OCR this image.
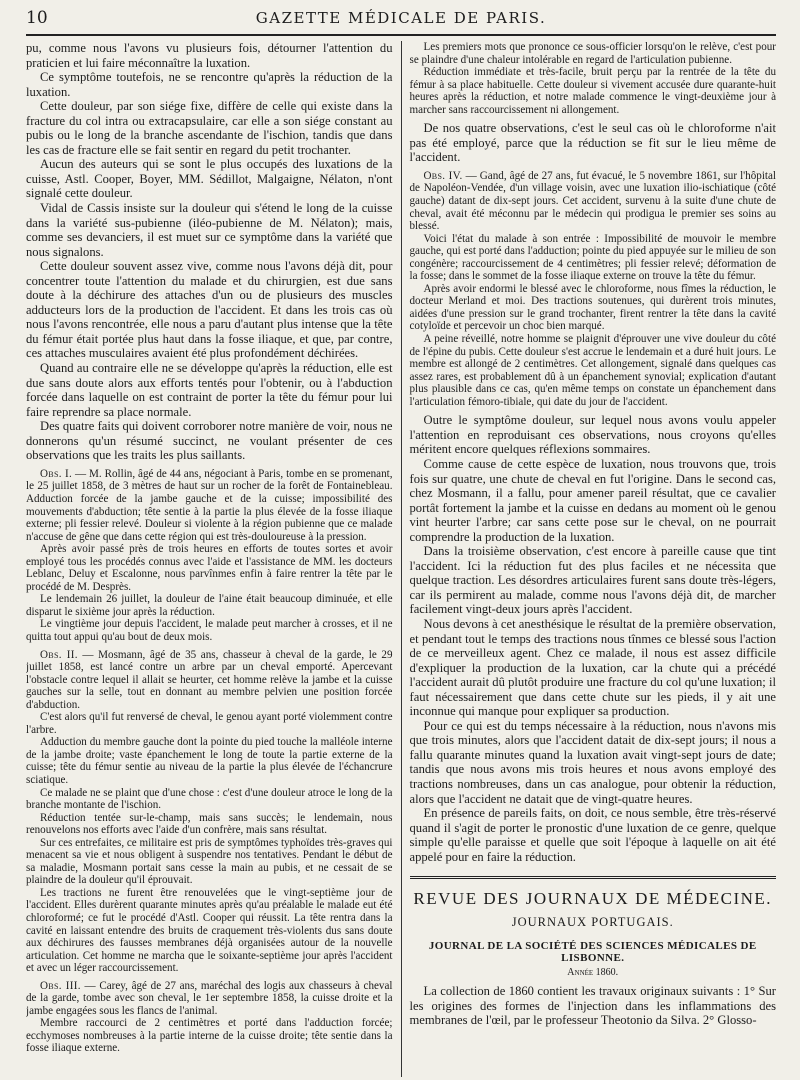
10	GAZETTE MÉDICALE DE PARIS.

pu, comme nous l'avons vu plusieurs fois, détourner l'attention du praticien et lui faire méconnaître la luxation.

Ce symptôme toutefois, ne se rencontre qu'après la réduction de la luxation.

Cette douleur, par son siége fixe, diffère de celle qui existe dans la fracture du col intra ou extracapsulaire, car elle a son siége constant au pubis ou le long de la branche ascendante de l'ischion, tandis que dans les cas de fracture elle se fait sentir en regard du petit trochanter.

Aucun des auteurs qui se sont le plus occupés des luxations de la cuisse, Astl. Cooper, Boyer, MM. Sédillot, Malgaigne, Nélaton, n'ont signalé cette douleur.

Vidal de Cassis insiste sur la douleur qui s'étend le long de la cuisse dans la variété sus-pubienne (iléo-pubienne de M. Nélaton); mais, comme ses devanciers, il est muet sur ce symptôme dans la variété que nous signalons.

Cette douleur souvent assez vive, comme nous l'avons déjà dit, pour concentrer toute l'attention du malade et du chirurgien, est due sans doute à la déchirure des attaches d'un ou de plusieurs des muscles adducteurs lors de la production de l'accident. Et dans les trois cas où nous l'avons rencontrée, elle nous a paru d'autant plus intense que la tête du fémur était portée plus haut dans la fosse iliaque, et que, par contre, ces attaches musculaires avaient été plus profondément déchirées.

Quand au contraire elle ne se développe qu'après la réduction, elle est due sans doute alors aux efforts tentés pour l'obtenir, ou à l'abduction forcée dans laquelle on est contraint de porter la tête du fémur pour lui faire reprendre sa place normale.

Des quatre faits qui doivent corroborer notre manière de voir, nous ne donnerons qu'un résumé succinct, ne voulant présenter de ces observations que les traits les plus saillants.

Obs. I. — M. Rollin, âgé de 44 ans, négociant à Paris, tombe en se promenant, le 25 juillet 1858, de 3 mètres de haut sur un rocher de la forêt de Fontainebleau. Adduction forcée de la jambe gauche et de la cuisse; impossibilité des mouvements d'abduction; tête sentie à la partie la plus élevée de la fosse iliaque externe; pli fessier relevé. Douleur si violente à la région pubienne que ce malade n'accuse de gêne que dans cette région qui est très-douloureuse à la pression.

Après avoir passé près de trois heures en efforts de toutes sortes et avoir employé tous les procédés connus avec l'aide et l'assistance de MM. les docteurs Leblanc, Deluy et Escalonne, nous parvînmes enfin à faire rentrer la tête par le procédé de M. Desprès.

Le lendemain 26 juillet, la douleur de l'aine était beaucoup diminuée, et elle disparut le sixième jour après la réduction.

Le vingtième jour depuis l'accident, le malade peut marcher à crosses, et il ne quitta tout appui qu'au bout de deux mois.

Obs. II. — Mosmann, âgé de 35 ans, chasseur à cheval de la garde, le 29 juillet 1858, est lancé contre un arbre par un cheval emporté. Apercevant l'obstacle contre lequel il allait se heurter, cet homme relève la jambe et la cuisse gauches sur la selle, tout en donnant au membre pelvien une position forcée d'abduction.

C'est alors qu'il fut renversé de cheval, le genou ayant porté violemment contre l'arbre.

Adduction du membre gauche dont la pointe du pied touche la malléole interne de la jambe droite; vaste épanchement le long de toute la partie externe de la cuisse; tête du fémur sentie au niveau de la partie la plus élevée de l'échancrure sciatique.

Ce malade ne se plaint que d'une chose : c'est d'une douleur atroce le long de la branche montante de l'ischion.

Réduction tentée sur-le-champ, mais sans succès; le lendemain, nous renouvelons nos efforts avec l'aide d'un confrère, mais sans résultat.

Sur ces entrefaites, ce militaire est pris de symptômes typhoïdes très-graves qui menacent sa vie et nous obligent à suspendre nos tentatives. Pendant le début de sa maladie, Mosmann portait sans cesse la main au pubis, et ne cessait de se plaindre de la douleur qu'il éprouvait.

Les tractions ne furent être renouvelées que le vingt-septième jour de l'accident. Elles durèrent quarante minutes après qu'au préalable le malade eut été chloroformé; ce fut le procédé d'Astl. Cooper qui réussit. La tête rentra dans la cavité en laissant entendre des bruits de craquement très-violents dus sans doute aux déchirures des fausses membranes déjà organisées autour de la nouvelle articulation. Cet homme ne marcha que le soixante-septième jour après l'accident et avec un léger raccourcissement.

Obs. III. — Carey, âgé de 27 ans, maréchal des logis aux chasseurs à cheval de la garde, tombe avec son cheval, le 1er septembre 1858, la cuisse droite et la jambe engagées sous les flancs de l'animal.

Membre raccourci de 2 centimètres et porté dans l'adduction forcée; ecchymoses nombreuses à la partie interne de la cuisse droite; tête sentie dans la fosse iliaque externe.

Les premiers mots que prononce ce sous-officier lorsqu'on le relève, c'est pour se plaindre d'une chaleur intolérable en regard de l'articulation pubienne.

Réduction immédiate et très-facile, bruit perçu par la rentrée de la tête du fémur à sa place habituelle. Cette douleur si vivement accusée dure quarante-huit heures après la réduction, et notre malade commence le vingt-deuxième jour à marcher sans raccourcissement ni allongement.

De nos quatre observations, c'est le seul cas où le chloroforme n'ait pas été employé, parce que la réduction se fit sur le lieu même de l'accident.

Obs. IV. — Gand, âgé de 27 ans, fut évacué, le 5 novembre 1861, sur l'hôpital de Napoléon-Vendée, d'un village voisin, avec une luxation ilio-ischiatique (côté gauche) datant de dix-sept jours. Cet accident, survenu à la suite d'une chute de cheval, avait été méconnu par le médecin qui prodigua le premier ses soins au blessé.

Voici l'état du malade à son entrée : Impossibilité de mouvoir le membre gauche, qui est porté dans l'adduction; pointe du pied appuyée sur le milieu de son congénère; raccourcissement de 4 centimètres; pli fessier relevé; déformation de la fosse; dans le sommet de la fosse iliaque externe on trouve la tête du fémur.

Après avoir endormi le blessé avec le chloroforme, nous fîmes la réduction, le docteur Merland et moi. Des tractions soutenues, qui durèrent trois minutes, aidées d'une pression sur le grand trochanter, firent rentrer la tête dans la cavité cotyloïde et percevoir un choc bien marqué.

A peine réveillé, notre homme se plaignit d'éprouver une vive douleur du côté de l'épine du pubis. Cette douleur s'est accrue le lendemain et a duré huit jours. Le membre est allongé de 2 centimètres. Cet allongement, signalé dans quelques cas assez rares, est probablement dû à un épanchement synovial; explication d'autant plus plausible dans ce cas, qu'en même temps on constate un épanchement dans l'articulation fémoro-tibiale, qui date du jour de l'accident.

Outre le symptôme douleur, sur lequel nous avons voulu appeler l'attention en reproduisant ces observations, nous croyons qu'elles méritent encore quelques réflexions sommaires.

Comme cause de cette espèce de luxation, nous trouvons que, trois fois sur quatre, une chute de cheval en fut l'origine. Dans le second cas, chez Mosmann, il a fallu, pour amener pareil résultat, que ce cavalier portât fortement la jambe et la cuisse en dedans au moment où le genou vint heurter l'arbre; car sans cette pose sur le cheval, on ne pourrait comprendre la production de la luxation.

Dans la troisième observation, c'est encore à pareille cause que tint l'accident. Ici la réduction fut des plus faciles et ne nécessita que quelque traction. Les désordres articulaires furent sans doute très-légers, car ils permirent au malade, comme nous l'avons déjà dit, de marcher facilement vingt-deux jours après l'accident.

Nous devons à cet anesthésique le résultat de la première observation, et pendant tout le temps des tractions nous tînmes ce blessé sous l'action de ce merveilleux agent. Chez ce malade, il nous est assez difficile d'expliquer la production de la luxation, car la chute qui a précédé l'accident aurait dû plutôt produire une fracture du col qu'une luxation; il faut nécessairement que dans cette chute sur les pieds, il y ait une inconnue qui manque pour expliquer sa production.

Pour ce qui est du temps nécessaire à la réduction, nous n'avons mis que trois minutes, alors que l'accident datait de dix-sept jours; il nous a fallu quarante minutes quand la luxation avait vingt-sept jours de date; tandis que nous avons mis trois heures et nous avons employé des tractions nombreuses, dans un cas analogue, pour obtenir la réduction, alors que l'accident ne datait que de vingt-quatre heures.

En présence de pareils faits, on doit, ce nous semble, être très-réservé quand il s'agit de porter le pronostic d'une luxation de ce genre, quelque simple qu'elle paraisse et quelle que soit l'époque à laquelle on ait été appelé pour en faire la réduction.

REVUE DES JOURNAUX DE MÉDECINE.
JOURNAUX PORTUGAIS.
JOURNAL DE LA SOCIÉTÉ DES SCIENCES MÉDICALES DE LISBONNE.
Année 1860.

La collection de 1860 contient les travaux originaux suivants : 1° Sur les origines des formes de l'injection dans les inflammations des membranes de l'œil, par le professeur Theotonio da Silva. 2° Glosso-
